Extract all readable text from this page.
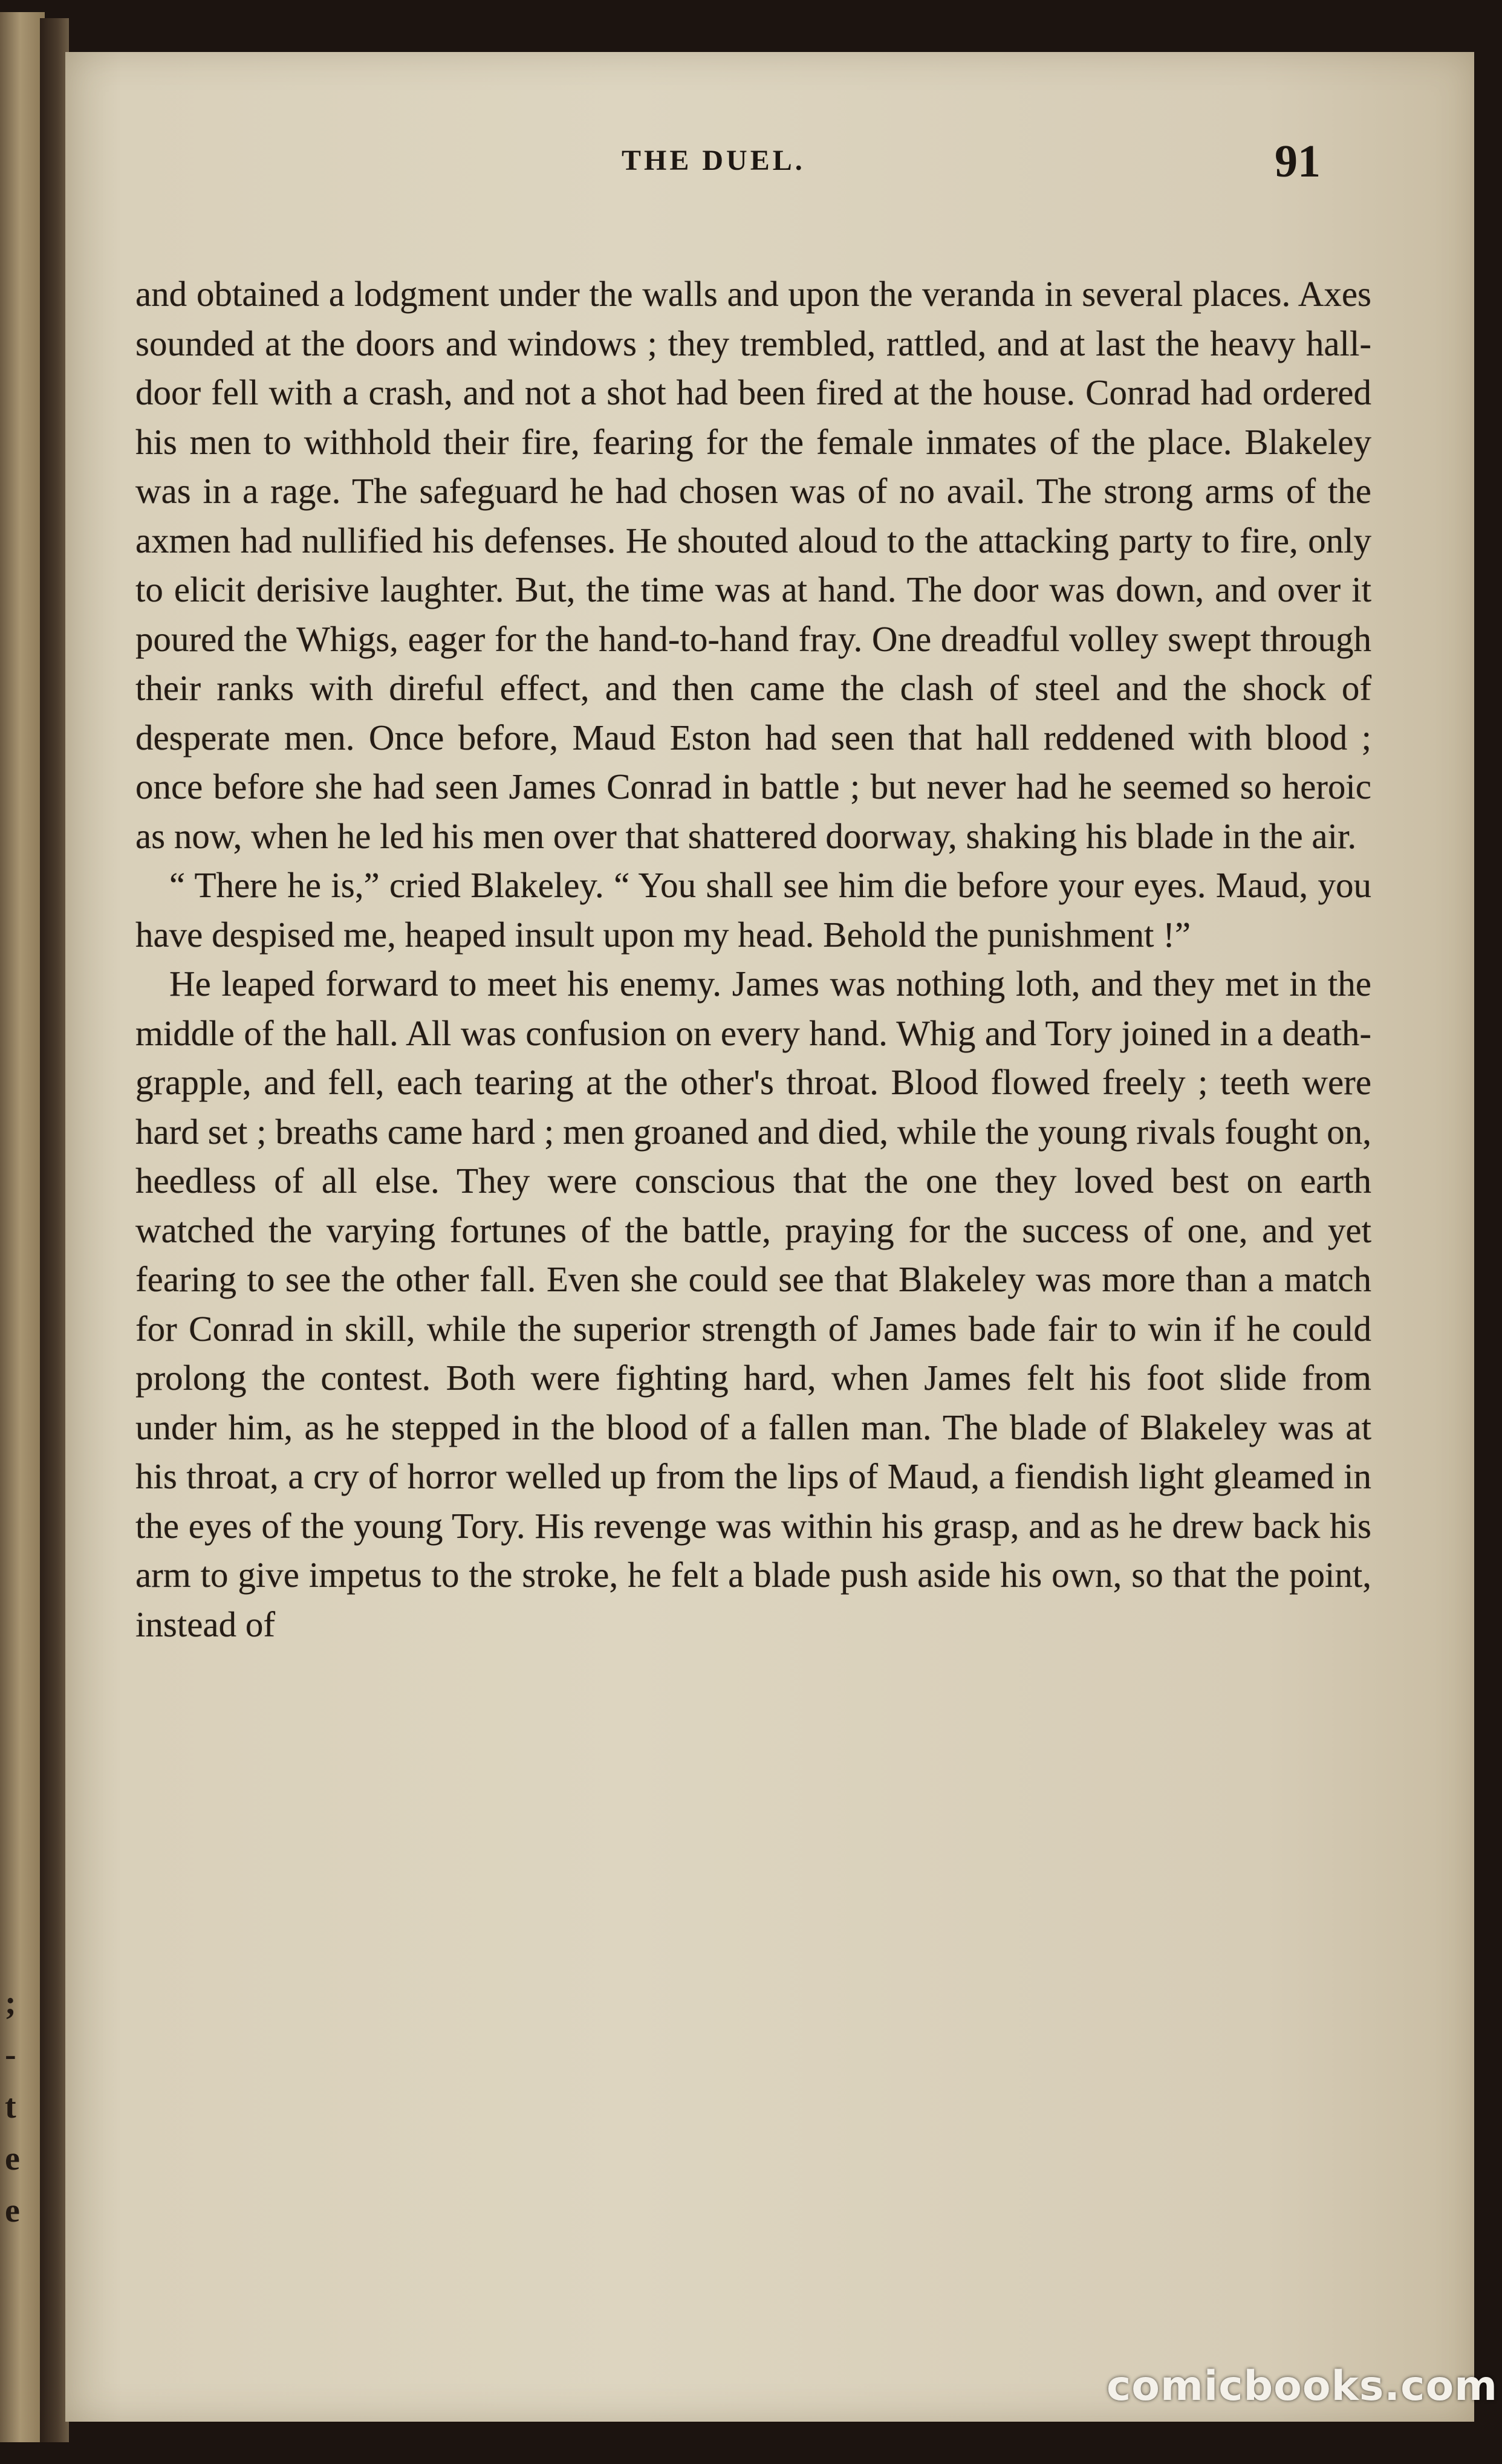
;
-
t
e
e
THE DUEL.	91

and obtained a lodgment under the walls and upon the veranda in several places. Axes sounded at the doors and windows ; they trembled, rattled, and at last the heavy hall-door fell with a crash, and not a shot had been fired at the house. Conrad had ordered his men to withhold their fire, fearing for the female inmates of the place. Blakeley was in a rage. The safeguard he had chosen was of no avail. The strong arms of the axmen had nullified his defenses. He shouted aloud to the attacking party to fire, only to elicit derisive laughter. But, the time was at hand. The door was down, and over it poured the Whigs, eager for the hand-to-hand fray. One dreadful volley swept through their ranks with direful effect, and then came the clash of steel and the shock of desperate men. Once before, Maud Eston had seen that hall reddened with blood ; once before she had seen James Conrad in battle ; but never had he seemed so heroic as now, when he led his men over that shattered doorway, shaking his blade in the air.

“ There he is,” cried Blakeley. “ You shall see him die before your eyes. Maud, you have despised me, heaped insult upon my head. Behold the punishment !”

He leaped forward to meet his enemy. James was nothing loth, and they met in the middle of the hall. All was confusion on every hand. Whig and Tory joined in a death-grapple, and fell, each tearing at the other's throat. Blood flowed freely ; teeth were hard set ; breaths came hard ; men groaned and died, while the young rivals fought on, heedless of all else. They were conscious that the one they loved best on earth watched the varying fortunes of the battle, praying for the success of one, and yet fearing to see the other fall. Even she could see that Blakeley was more than a match for Conrad in skill, while the superior strength of James bade fair to win if he could prolong the contest. Both were fighting hard, when James felt his foot slide from under him, as he stepped in the blood of a fallen man. The blade of Blakeley was at his throat, a cry of horror welled up from the lips of Maud, a fiendish light gleamed in the eyes of the young Tory. His revenge was within his grasp, and as he drew back his arm to give impetus to the stroke, he felt a blade push aside his own, so that the point, instead of

comicbooks.com
